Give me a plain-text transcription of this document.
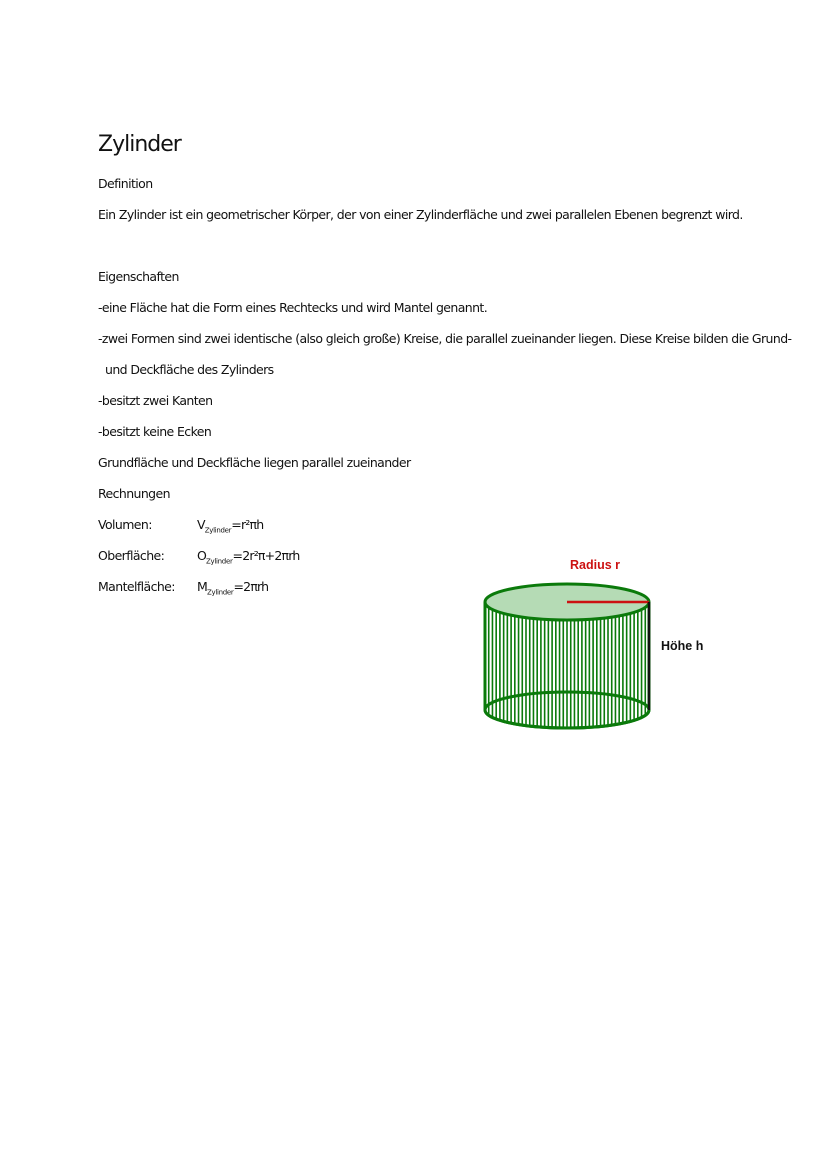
Zylinder
Definition
Ein Zylinder ist ein geometrischer Körper, der von einer Zylinderfläche und zwei parallelen Ebenen begrenzt wird.
Eigenschaften
-eine Fläche hat die Form eines Rechtecks und wird Mantel genannt.
-zwei Formen sind zwei identische (also gleich große) Kreise, die parallel zueinander liegen. Diese Kreise bilden die Grund-
und Deckfläche des Zylinders
-besitzt zwei Kanten
-besitzt keine Ecken
Grundfläche und Deckfläche liegen parallel zueinander
Rechnungen
Volumen:	$V_{Zylinder}=r^2\pi h$
Oberfläche:	$O_{Zylinder}=2r^2\pi+2\pi rh$
Mantelfläche: $M_{Zylinder}=2\pi rh$
Radius r
Höhe h
